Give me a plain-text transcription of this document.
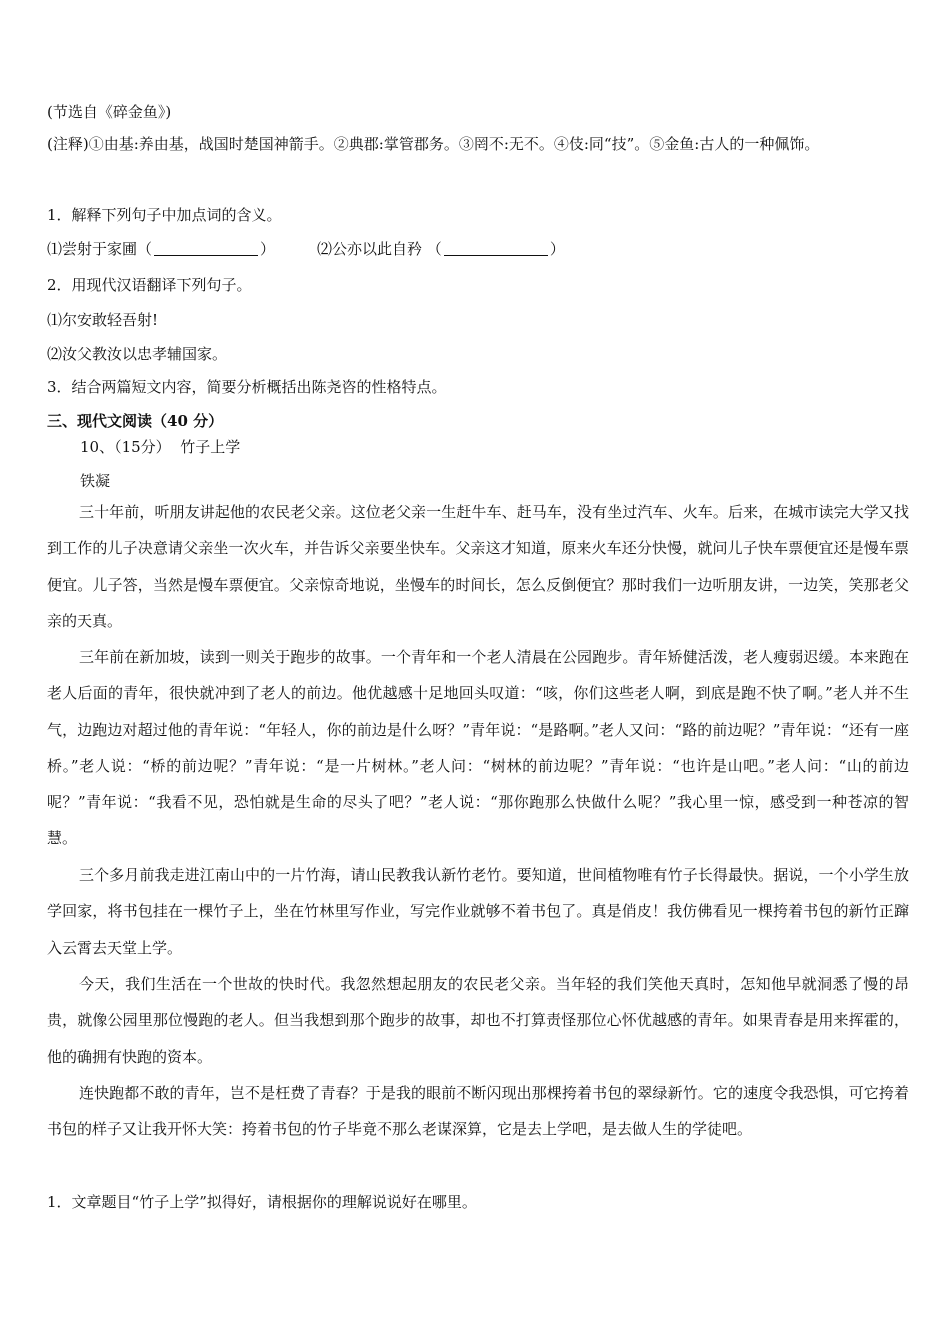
(节选自《碎金鱼》)
(注释)①由基:养由基，战国时楚国神箭手。②典郡:掌管郡务。③罔不:无不。④伎:同“技”。⑤金鱼:古人的一种佩饰。
1．解释下列句子中加点词的含义。
⑴尝射于家圃（	）	⑵公亦以此自矜 （	）
2．用现代汉语翻译下列句子。
⑴尔安敢轻吾射!
⑵汝父教汝以忠孝辅国家。
3．结合两篇短文内容，简要分析概括出陈尧咨的性格特点。
三、现代文阅读（40 分）
10、（15分）  竹子上学
铁凝
三十年前，听朋友讲起他的农民老父亲。这位老父亲一生赶牛车、赶马车，没有坐过汽车、火车。后来，在城市读完大学又找到工作的儿子决意请父亲坐一次火车，并告诉父亲要坐快车。父亲这才知道，原来火车还分快慢，就问儿子快车票便宜还是慢车票便宜。儿子答，当然是慢车票便宜。父亲惊奇地说，坐慢车的时间长，怎么反倒便宜？那时我们一边听朋友讲，一边笑，笑那老父亲的天真。
三年前在新加坡，读到一则关于跑步的故事。一个青年和一个老人清晨在公园跑步。青年矫健活泼，老人瘦弱迟缓。本来跑在老人后面的青年，很快就冲到了老人的前边。他优越感十足地回头叹道：“咳，你们这些老人啊，到底是跑不快了啊。”老人并不生气，边跑边对超过他的青年说：“年轻人，你的前边是什么呀？”青年说：“是路啊。”老人又问：“路的前边呢？”青年说：“还有一座桥。”老人说：“桥的前边呢？”青年说：“是一片树林。”老人问：“树林的前边呢？”青年说：“也许是山吧。”老人问：“山的前边呢？”青年说：“我看不见，恐怕就是生命的尽头了吧？”老人说：“那你跑那么快做什么呢？”我心里一惊，感受到一种苍凉的智慧。
三个多月前我走进江南山中的一片竹海，请山民教我认新竹老竹。要知道，世间植物唯有竹子长得最快。据说，一个小学生放学回家，将书包挂在一棵竹子上，坐在竹林里写作业，写完作业就够不着书包了。真是俏皮！我仿佛看见一棵挎着书包的新竹正蹿入云霄去天堂上学。
今天，我们生活在一个世故的快时代。我忽然想起朋友的农民老父亲。当年轻的我们笑他天真时，怎知他早就洞悉了慢的昂贵，就像公园里那位慢跑的老人。但当我想到那个跑步的故事，却也不打算责怪那位心怀优越感的青年。如果青春是用来挥霍的，他的确拥有快跑的资本。
连快跑都不敢的青年，岂不是枉费了青春？于是我的眼前不断闪现出那棵挎着书包的翠绿新竹。它的速度令我恐惧，可它挎着书包的样子又让我开怀大笑：挎着书包的竹子毕竟不那么老谋深算，它是去上学吧，是去做人生的学徒吧。
1．文章题目“竹子上学”拟得好，请根据你的理解说说好在哪里。
